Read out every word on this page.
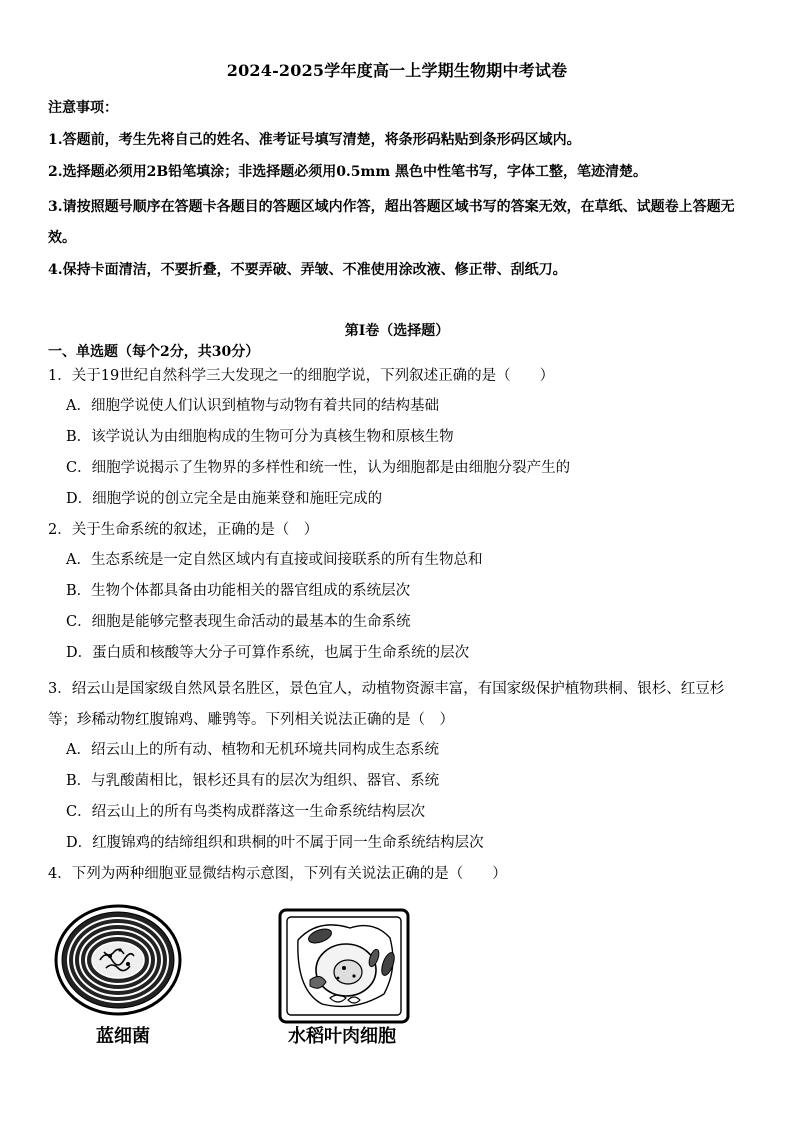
2024-2025学年度高一上学期生物期中考试卷
注意事项：
1.答题前，考生先将自己的姓名、准考证号填写清楚，将条形码粘贴到条形码区域内。
2.选择题必须用2B铅笔填涂；非选择题必须用0.5mm 黑色中性笔书写，字体工整，笔迹清楚。
3.请按照题号顺序在答题卡各题目的答题区域内作答，超出答题区域书写的答案无效，在草纸、试题卷上答题无效。
4.保持卡面清洁，不要折叠，不要弄破、弄皱、不准使用涂改液、修正带、刮纸刀。
第Ⅰ卷（选择题）
一、单选题（每个2分，共30分）
1．关于19世纪自然科学三大发现之一的细胞学说，下列叙述正确的是（　　）
A．细胞学说使人们认识到植物与动物有着共同的结构基础
B．该学说认为由细胞构成的生物可分为真核生物和原核生物
C．细胞学说揭示了生物界的多样性和统一性，认为细胞都是由细胞分裂产生的
D．细胞学说的创立完全是由施莱登和施旺完成的
2．关于生命系统的叙述，正确的是（　）
A．生态系统是一定自然区域内有直接或间接联系的所有生物总和
B．生物个体都具备由功能相关的器官组成的系统层次
C．细胞是能够完整表现生命活动的最基本的生命系统
D．蛋白质和核酸等大分子可算作系统，也属于生命系统的层次
3．绍云山是国家级自然风景名胜区，景色宜人，动植物资源丰富，有国家级保护植物珙桐、银杉、红豆杉等；珍稀动物红腹锦鸡、雕鸮等。下列相关说法正确的是（　）
A．绍云山上的所有动、植物和无机环境共同构成生态系统
B．与乳酸菌相比，银杉还具有的层次为组织、器官、系统
C．绍云山上的所有鸟类构成群落这一生命系统结构层次
D．红腹锦鸡的结缔组织和珙桐的叶不属于同一生命系统结构层次
4．下列为两种细胞亚显微结构示意图，下列有关说法正确的是（　　）
蓝细菌	水稻叶肉细胞
